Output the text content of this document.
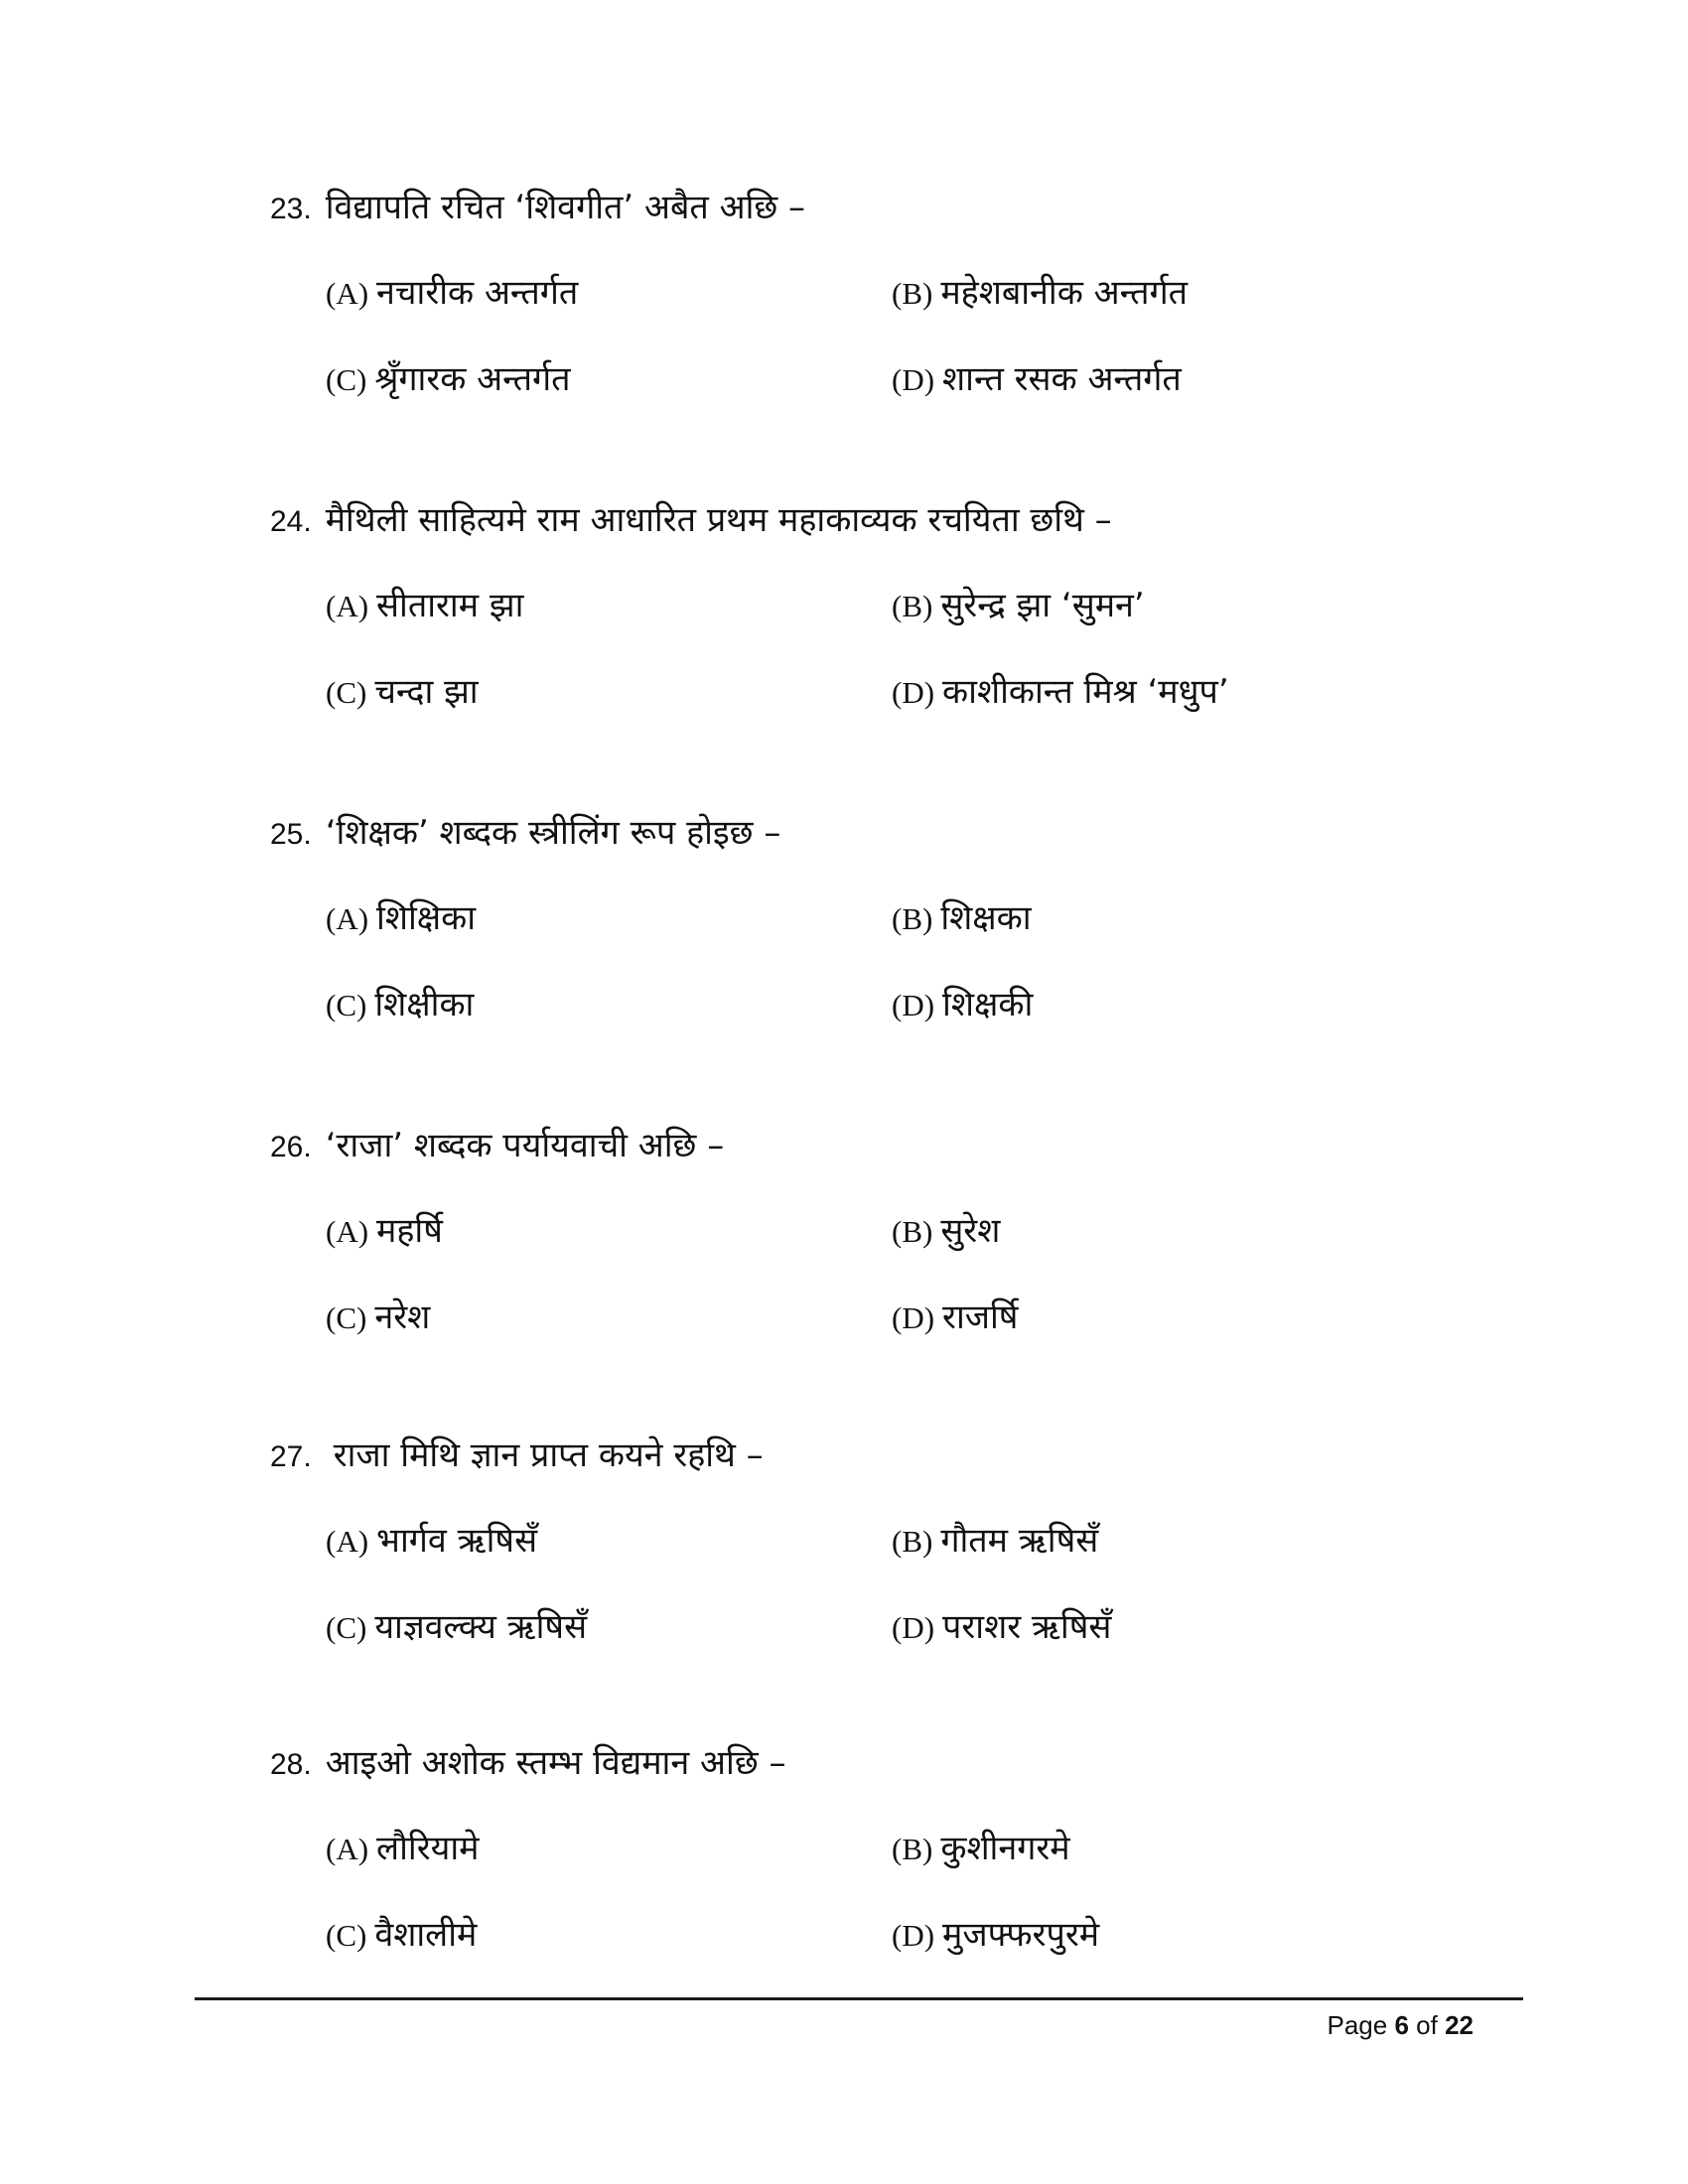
23. विद्यापति रचित ‘शिवगीत’ अबैत अछि –
(A) नचारीक अन्तर्गत	(B) महेशबानीक अन्तर्गत
(C) श्रृँगारक अन्तर्गत	(D) शान्त रसक अन्तर्गत
24. मैथिली साहित्यमे राम आधारित प्रथम महाकाव्यक रचयिता छथि –
(A) सीताराम झा	(B) सुरेन्द्र झा ‘सुमन’
(C) चन्दा झा	(D) काशीकान्त मिश्र ‘मधुप’
25. ‘शिक्षक’ शब्दक स्त्रीलिंग रूप होइछ –
(A) शिक्षिका	(B) शिक्षका
(C) शिक्षीका	(D) शिक्षकी
26. ‘राजा’ शब्दक पर्यायवाची अछि –
(A) महर्षि	(B) सुरेश
(C) नरेश	(D) राजर्षि
27. राजा मिथि ज्ञान प्राप्त कयने रहथि –
(A) भार्गव ऋषिसँ	(B) गौतम ऋषिसँ
(C) याज्ञवल्क्य ऋषिसँ	(D) पराशर ऋषिसँ
28. आइओ अशोक स्तम्भ विद्यमान अछि –
(A) लौरियामे	(B) कुशीनगरमे
(C) वैशालीमे	(D) मुजफ्फरपुरमे
Page 6 of 22
